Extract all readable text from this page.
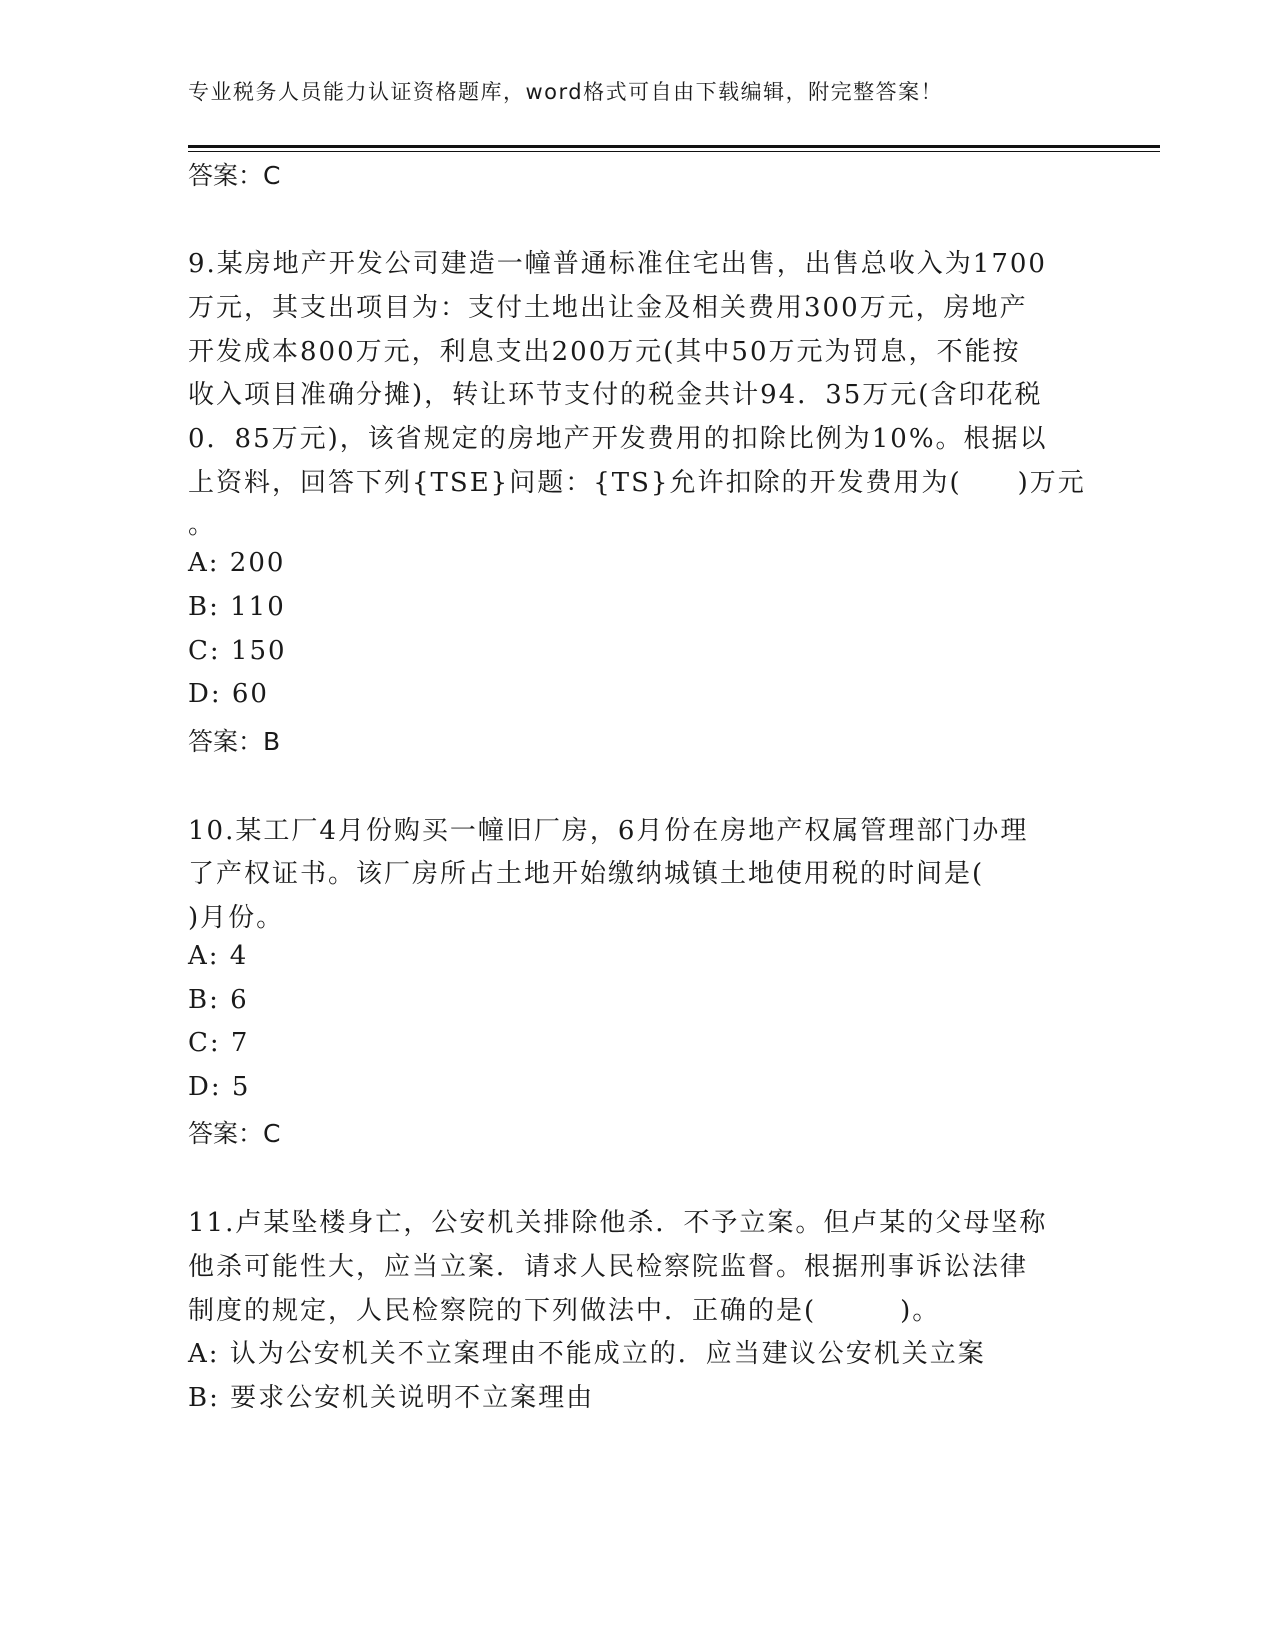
专业税务人员能力认证资格题库，word格式可自由下载编辑，附完整答案！
答案：C
9.某房地产开发公司建造一幢普通标准住宅出售，出售总收入为1700
万元，其支出项目为：支付土地出让金及相关费用300万元，房地产
开发成本800万元，利息支出200万元(其中50万元为罚息，不能按
收入项目准确分摊)，转让环节支付的税金共计94．35万元(含印花税
0．85万元)，该省规定的房地产开发费用的扣除比例为10%。根据以
上资料，回答下列{TSE}问题：{TS}允许扣除的开发费用为(　　)万元
。
A: 200
B: 110
C: 150
D: 60
答案：B
10.某工厂4月份购买一幢旧厂房，6月份在房地产权属管理部门办理
了产权证书。该厂房所占土地开始缴纳城镇土地使用税的时间是(
)月份。
A: 4
B: 6
C: 7
D: 5
答案：C
11.卢某坠楼身亡，公安机关排除他杀．不予立案。但卢某的父母坚称
他杀可能性大，应当立案．请求人民检察院监督。根据刑事诉讼法律
制度的规定，人民检察院的下列做法中．正确的是(　　　)。
A: 认为公安机关不立案理由不能成立的．应当建议公安机关立案
B: 要求公安机关说明不立案理由
